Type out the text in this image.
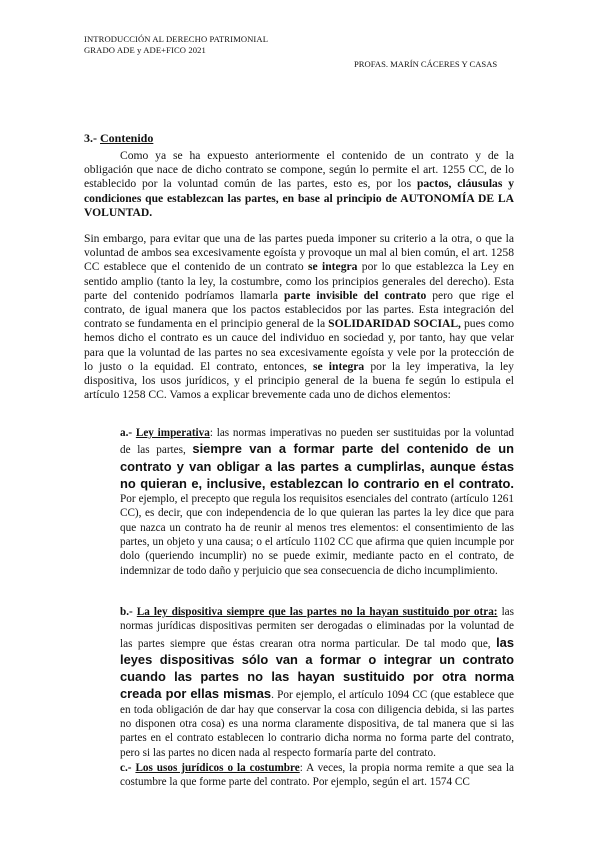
INTRODUCCIÓN AL DERECHO PATRIMONIAL
GRADO ADE y ADE+FICO 2021
PROFAS. MARÍN CÁCERES Y CASAS
3.- Contenido
Como ya se ha expuesto anteriormente el contenido de un contrato y de la obligación que nace de dicho contrato se compone, según lo permite el art. 1255 CC, de lo establecido por la voluntad común de las partes, esto es, por los pactos, cláusulas y condiciones que establezcan las partes, en base al principio de AUTONOMÍA DE LA VOLUNTAD.
Sin embargo, para evitar que una de las partes pueda imponer su criterio a la otra, o que la voluntad de ambos sea excesivamente egoísta y provoque un mal al bien común, el art. 1258 CC establece que el contenido de un contrato se integra por lo que establezca la Ley en sentido amplio (tanto la ley, la costumbre, como los principios generales del derecho). Esta parte del contenido podríamos llamarla parte invisible del contrato pero que rige el contrato, de igual manera que los pactos establecidos por las partes. Esta integración del contrato se fundamenta en el principio general de la SOLIDARIDAD SOCIAL, pues como hemos dicho el contrato es un cauce del individuo en sociedad y, por tanto, hay que velar para que la voluntad de las partes no sea excesivamente egoísta y vele por la protección de lo justo o la equidad. El contrato, entonces, se integra por la ley imperativa, la ley dispositiva, los usos jurídicos, y el principio general de la buena fe según lo estipula el artículo 1258 CC. Vamos a explicar brevemente cada uno de dichos elementos:
a.- Ley imperativa: las normas imperativas no pueden ser sustituidas por la voluntad de las partes, siempre van a formar parte del contenido de un contrato y van obligar a las partes a cumplirlas, aunque éstas no quieran e, inclusive, establezcan lo contrario en el contrato. Por ejemplo, el precepto que regula los requisitos esenciales del contrato (artículo 1261 CC), es decir, que con independencia de lo que quieran las partes la ley dice que para que nazca un contrato ha de reunir al menos tres elementos: el consentimiento de las partes, un objeto y una causa; o el artículo 1102 CC que afirma que quien incumple por dolo (queriendo incumplir) no se puede eximir, mediante pacto en el contrato, de indemnizar de todo daño y perjuicio que sea consecuencia de dicho incumplimiento.
b.- La ley dispositiva siempre que las partes no la hayan sustituido por otra: las normas jurídicas dispositivas permiten ser derogadas o eliminadas por la voluntad de las partes siempre que éstas crearan otra norma particular. De tal modo que, las leyes dispositivas sólo van a formar o integrar un contrato cuando las partes no las hayan sustituido por otra norma creada por ellas mismas. Por ejemplo, el artículo 1094 CC (que establece que en toda obligación de dar hay que conservar la cosa con diligencia debida, si las partes no disponen otra cosa) es una norma claramente dispositiva, de tal manera que si las partes en el contrato establecen lo contrario dicha norma no forma parte del contrato, pero si las partes no dicen nada al respecto formaría parte del contrato.
c.- Los usos jurídicos o la costumbre: A veces, la propia norma remite a que sea la costumbre la que forme parte del contrato. Por ejemplo, según el art. 1574 CC
